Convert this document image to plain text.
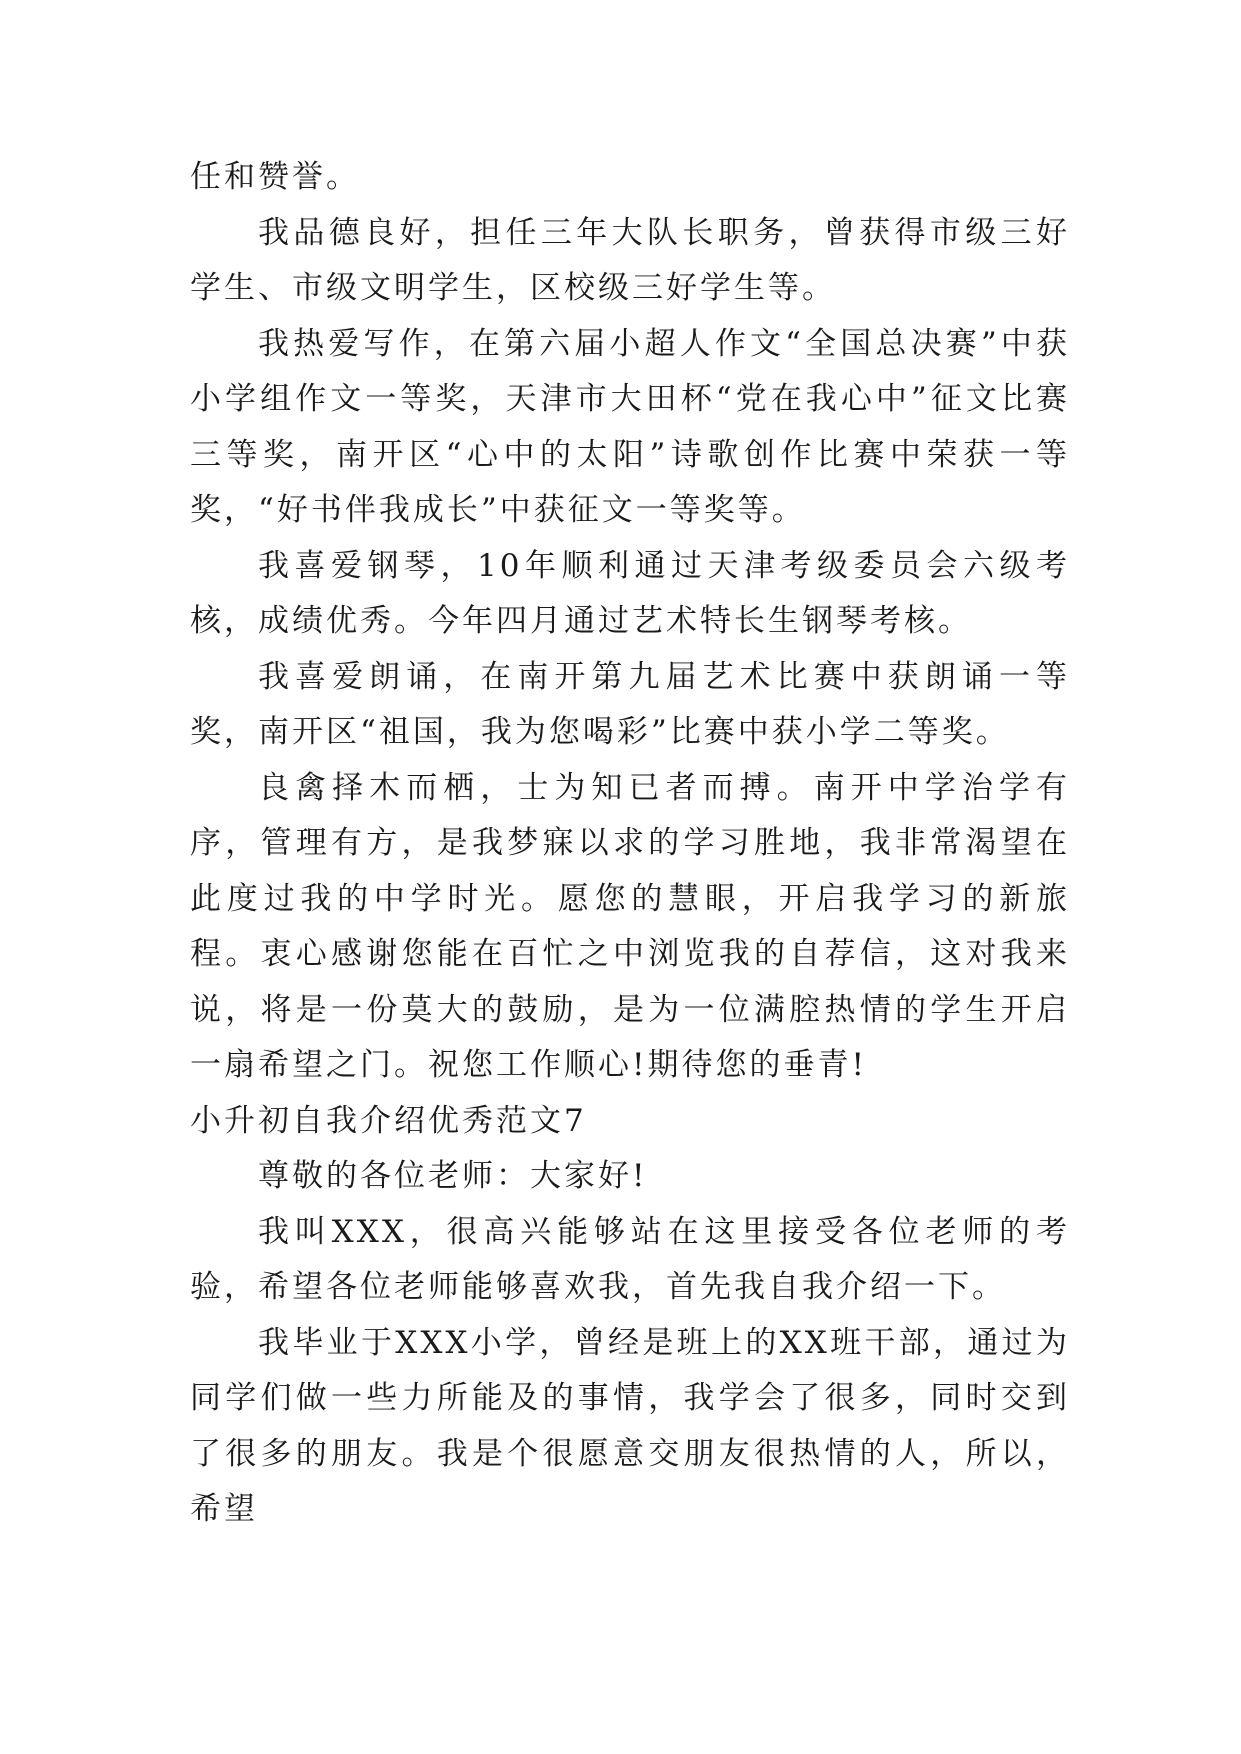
任和赞誉。

我品德良好，担任三年大队长职务，曾获得市级三好学生、市级文明学生，区校级三好学生等。

我热爱写作，在第六届小超人作文“全国总决赛”中获小学组作文一等奖，天津市大田杯“党在我心中”征文比赛三等奖，南开区“心中的太阳”诗歌创作比赛中荣获一等奖，“好书伴我成长”中获征文一等奖等。

我喜爱钢琴，10年顺利通过天津考级委员会六级考核，成绩优秀。今年四月通过艺术特长生钢琴考核。

我喜爱朗诵，在南开第九届艺术比赛中获朗诵一等奖，南开区“祖国，我为您喝彩”比赛中获小学二等奖。

良禽择木而栖，士为知已者而搏。南开中学治学有序，管理有方，是我梦寐以求的学习胜地，我非常渴望在此度过我的中学时光。愿您的慧眼，开启我学习的新旅程。衷心感谢您能在百忙之中浏览我的自荐信，这对我来说，将是一份莫大的鼓励，是为一位满腔热情的学生开启一扇希望之门。祝您工作顺心!期待您的垂青!

小升初自我介绍优秀范文7

尊敬的各位老师：大家好!

我叫XXX，很高兴能够站在这里接受各位老师的考验，希望各位老师能够喜欢我，首先我自我介绍一下。

我毕业于XXX小学，曾经是班上的XX班干部，通过为同学们做一些力所能及的事情，我学会了很多，同时交到了很多的朋友。我是个很愿意交朋友很热情的人，所以，希望
